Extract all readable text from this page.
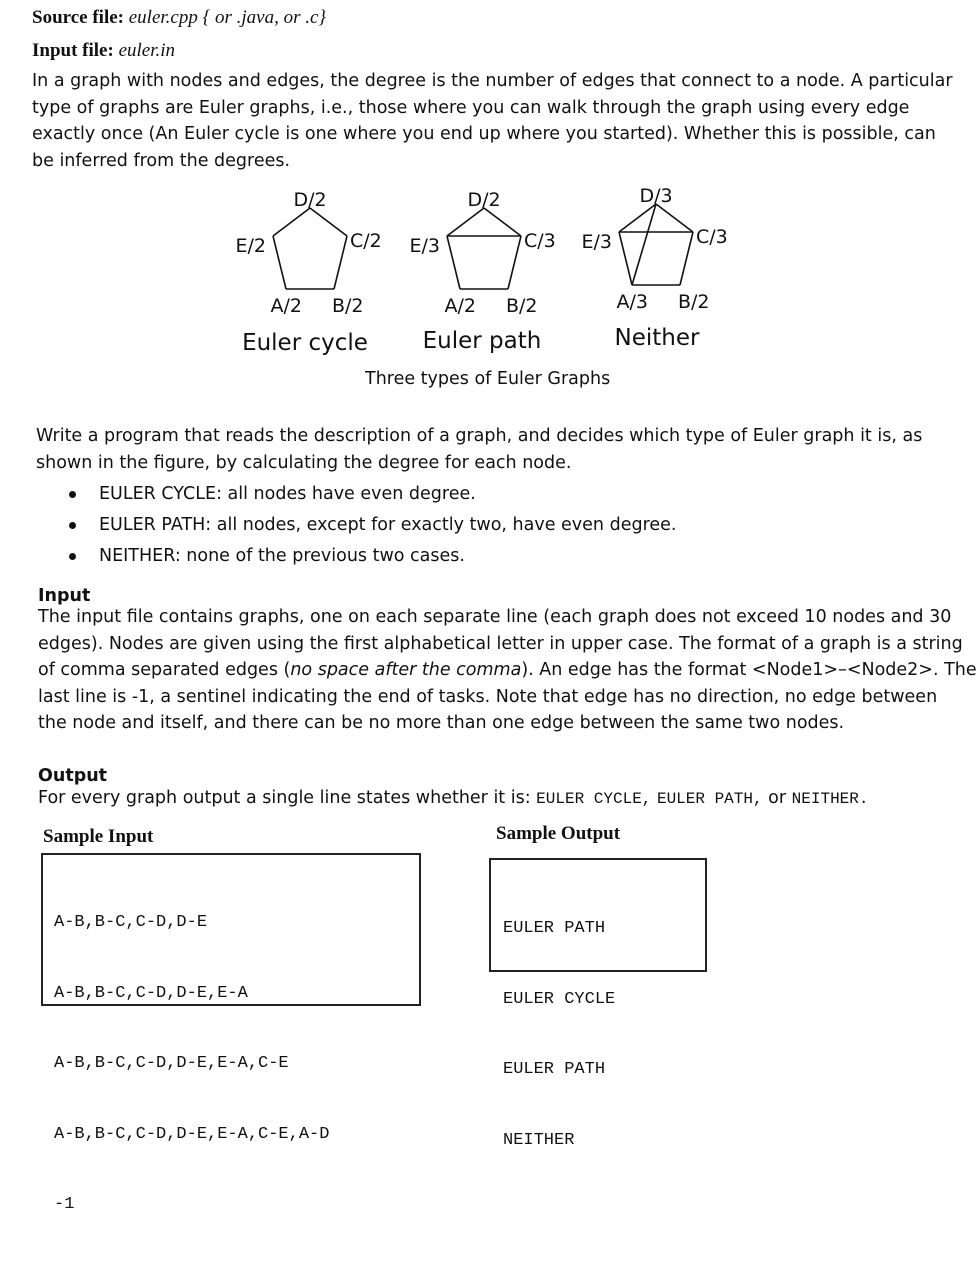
Source file: euler.cpp { or .java, or .c}
Input file: euler.in
In a graph with nodes and edges, the degree is the number of edges that connect to a node. A particular
type of graphs are Euler graphs, i.e., those where you can walk through the graph using every edge
exactly once (An Euler cycle is one where you end up where you started). Whether this is possible, can
be inferred from the degrees.
D/2
C/2
B/2
A/2
E/2
Euler cycle
D/2
C/3
B/2
A/2
E/3
Euler path
D/3
C/3
B/2
A/3
E/3
Neither
Three types of Euler Graphs
Write a program that reads the description of a graph, and decides which type of Euler graph it is, as
shown in the figure, by calculating the degree for each node.
EULER CYCLE: all nodes have even degree.
EULER PATH: all nodes, except for exactly two, have even degree.
NEITHER: none of the previous two cases.
Input
The input file contains graphs, one on each separate line (each graph does not exceed 10 nodes and 30
edges). Nodes are given using the first alphabetical letter in upper case. The format of a graph is a string
of comma separated edges (no space after the comma). An edge has the format <Node1>–<Node2>. The
last line is -1, a sentinel indicating the end of tasks. Note that edge has no direction, no edge between
the node and itself, and there can be no more than one edge between the same two nodes.
Output
For every graph output a single line states whether it is: EULER CYCLE, EULER PATH, or NEITHER.
Sample Input	Sample Output

A-B,B-C,C-D,D-E

A-B,B-C,C-D,D-E,E-A

A-B,B-C,C-D,D-E,E-A,C-E

A-B,B-C,C-D,D-E,E-A,C-E,A-D

-1

EULER PATH

EULER CYCLE

EULER PATH

NEITHER
